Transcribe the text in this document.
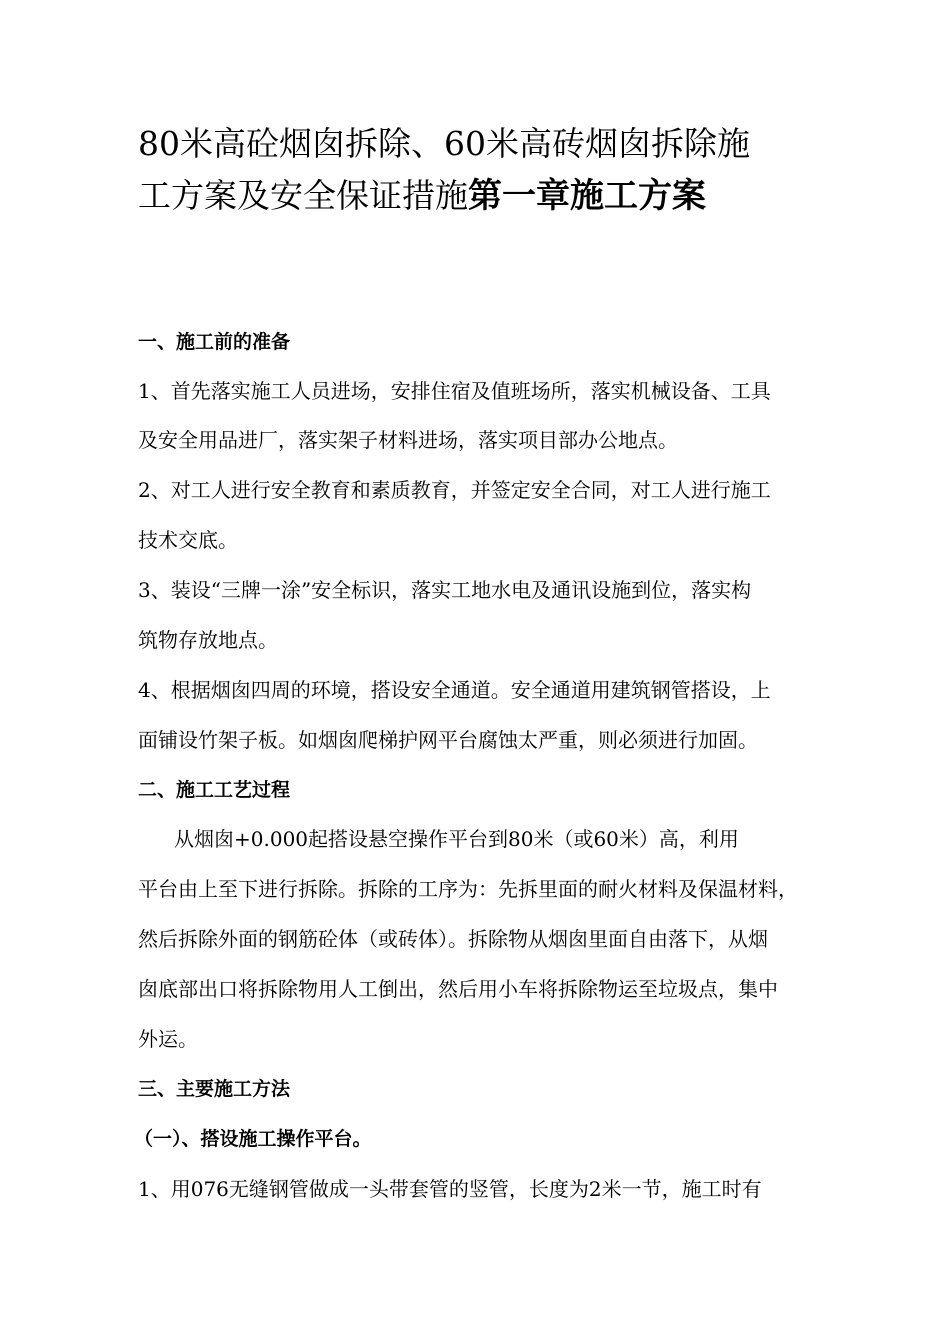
80米高砼烟囱拆除、60米高砖烟囱拆除施
工方案及安全保证措施第一章施工方案
一、施工前的准备
1、首先落实施工人员进场，安排住宿及值班场所，落实机械设备、工具
及安全用品进厂，落实架子材料进场，落实项目部办公地点。
2、对工人进行安全教育和素质教育，并签定安全合同，对工人进行施工
技术交底。
3、装设“三牌一涂”安全标识，落实工地水电及通讯设施到位，落实构
筑物存放地点。
4、根据烟囱四周的环境，搭设安全通道。安全通道用建筑钢管搭设，上
面铺设竹架子板。如烟囱爬梯护网平台腐蚀太严重，则必须进行加固。
二、施工工艺过程
从烟囱+0.000起搭设悬空操作平台到80米（或60米）高，利用
平台由上至下进行拆除。拆除的工序为：先拆里面的耐火材料及保温材料，
然后拆除外面的钢筋砼体（或砖体）。拆除物从烟囱里面自由落下，从烟
囱底部出口将拆除物用人工倒出，然后用小车将拆除物运至垃圾点，集中
外运。
三、主要施工方法
（一）、搭设施工操作平台。
1、用076无缝钢管做成一头带套管的竖管，长度为2米一节，施工时有
